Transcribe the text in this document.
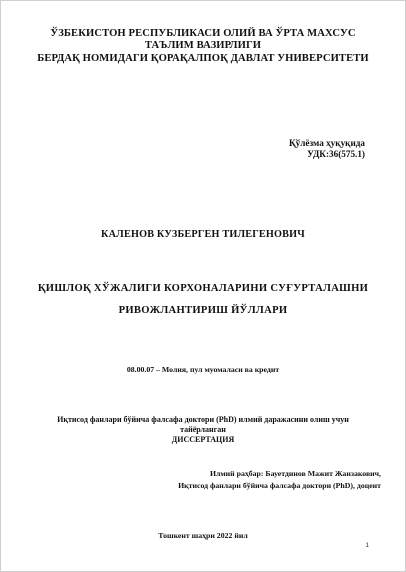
ЎЗБЕКИСТОН РЕСПУБЛИКАСИ ОЛИЙ ВА ЎРТА МАХСУС
ТАЪЛИМ ВАЗИРЛИГИ
БЕРДАҚ НОМИДАГИ ҚОРАҚАЛПОҚ ДАВЛАТ УНИВЕРСИТЕТИ
Қўлёзма ҳуқуқида
УДК:36(575.1)
КАЛЕНОВ КУЗБЕРГЕН ТИЛЕГЕНОВИЧ
ҚИШЛОҚ ХЎЖАЛИГИ КОРХОНАЛАРИНИ СУҒУРТАЛАШНИ
РИВОЖЛАНТИРИШ ЙЎЛЛАРИ
08.00.07 – Молия, пул муомаласи ва кредит
Иқтисод фанлари бўйича фалсафа доктори (PhD) илмий даражасини олиш учун
тайёрланган
ДИССЕРТАЦИЯ
Илмий раҳбар: Бауетдинов Мажит Жанзакович,
Иқтисод фанлари бўйича фалсафа доктори (PhD), доцент
Тошкент шаҳри 2022 йил
1
